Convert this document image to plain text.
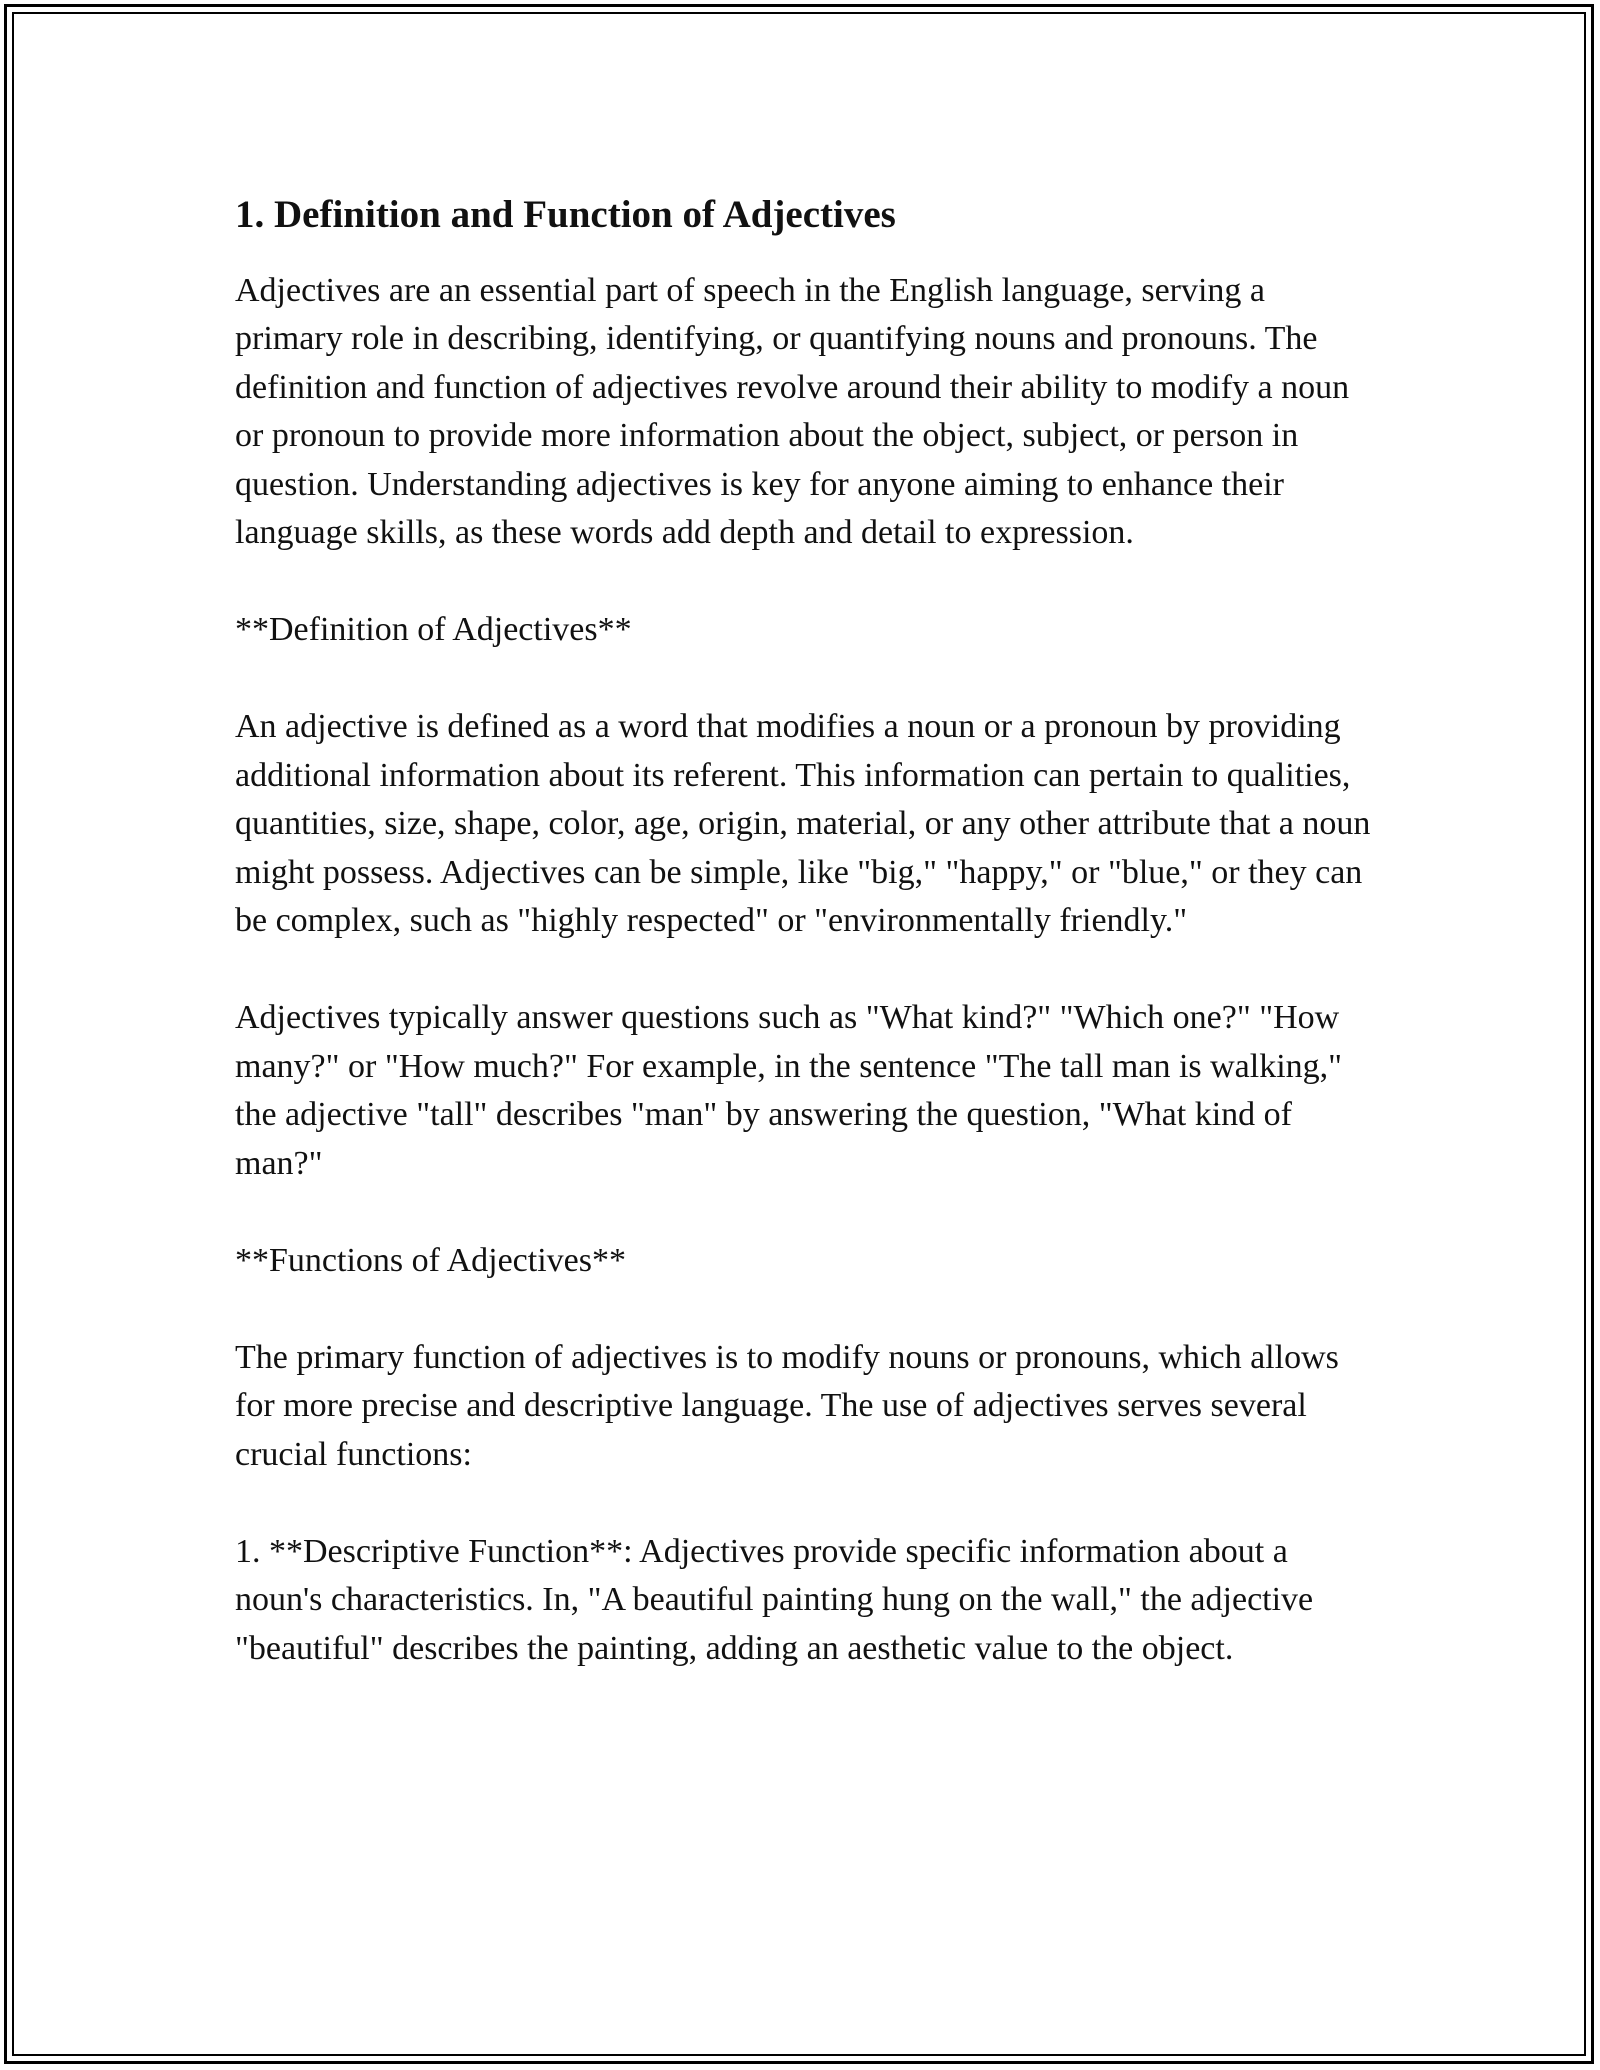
1. Definition and Function of Adjectives

Adjectives are an essential part of speech in the English language, serving a primary role in describing, identifying, or quantifying nouns and pronouns. The definition and function of adjectives revolve around their ability to modify a noun or pronoun to provide more information about the object, subject, or person in question. Understanding adjectives is key for anyone aiming to enhance their language skills, as these words add depth and detail to expression.

**Definition of Adjectives**

An adjective is defined as a word that modifies a noun or a pronoun by providing additional information about its referent. This information can pertain to qualities, quantities, size, shape, color, age, origin, material, or any other attribute that a noun might possess. Adjectives can be simple, like "big," "happy," or "blue," or they can be complex, such as "highly respected" or "environmentally friendly."

Adjectives typically answer questions such as "What kind?" "Which one?" "How many?" or "How much?" For example, in the sentence "The tall man is walking," the adjective "tall" describes "man" by answering the question, "What kind of man?"

**Functions of Adjectives**

The primary function of adjectives is to modify nouns or pronouns, which allows for more precise and descriptive language. The use of adjectives serves several crucial functions:

1. **Descriptive Function**: Adjectives provide specific information about a noun's characteristics. In, "A beautiful painting hung on the wall," the adjective "beautiful" describes the painting, adding an aesthetic value to the object.
